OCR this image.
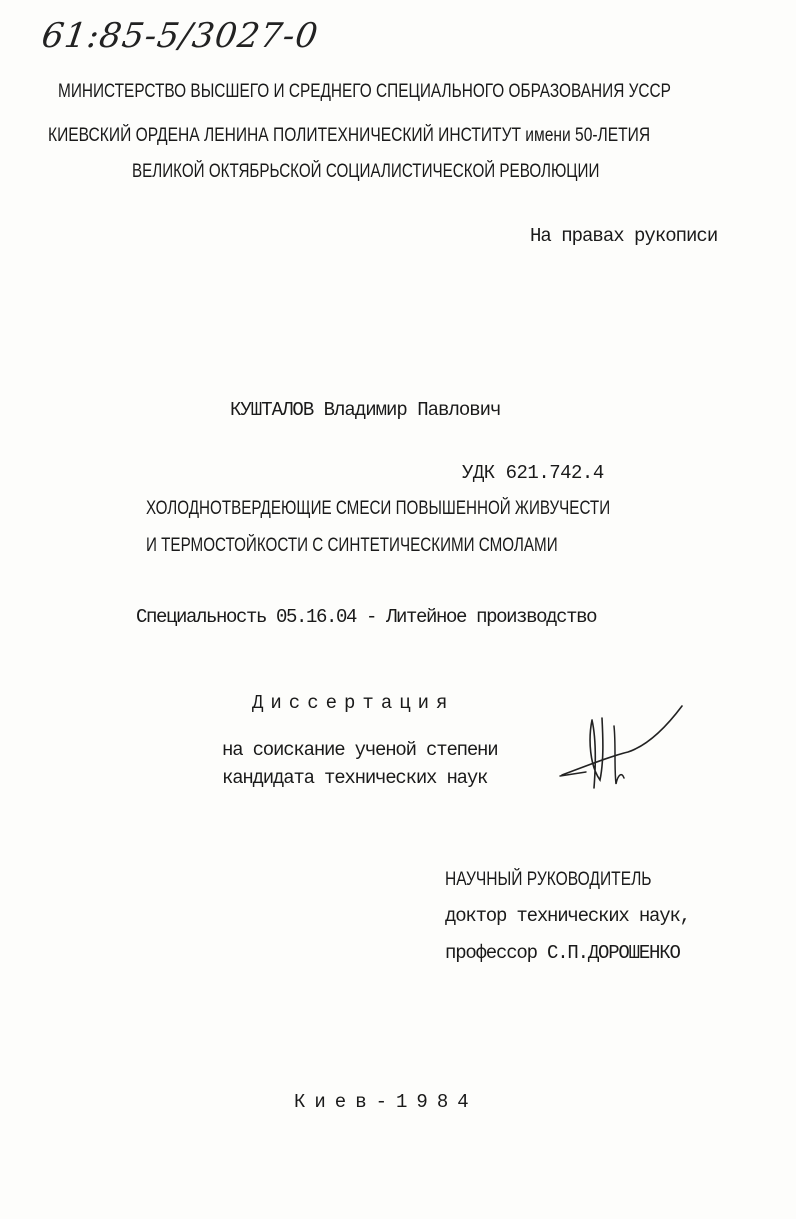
61:85-5/3027-0
МИНИСТЕРСТВО ВЫСШЕГО И СРЕДНЕГО СПЕЦИАЛЬНОГО ОБРАЗОВАНИЯ УССР
КИЕВСКИЙ ОРДЕНА ЛЕНИНА ПОЛИТЕХНИЧЕСКИЙ ИНСТИТУТ имени 50-ЛЕТИЯ
ВЕЛИКОЙ ОКТЯБРЬСКОЙ СОЦИАЛИСТИЧЕСКОЙ РЕВОЛЮЦИИ
На правах рукописи
КУШТАЛОВ Владимир Павлович
УДК 621.742.4
ХОЛОДНОТВЕРДЕЮЩИЕ СМЕСИ ПОВЫШЕННОЙ ЖИВУЧЕСТИ
И ТЕРМОСТОЙКОСТИ С СИНТЕТИЧЕСКИМИ СМОЛАМИ
Специальность 05.16.04 - Литейное производство
Диссертация
на соискание ученой степени
кандидата технических наук
НАУЧНЫЙ РУКОВОДИТЕЛЬ
доктор технических наук,
профессор С.П.ДОРОШЕНКО
Киев-1984
